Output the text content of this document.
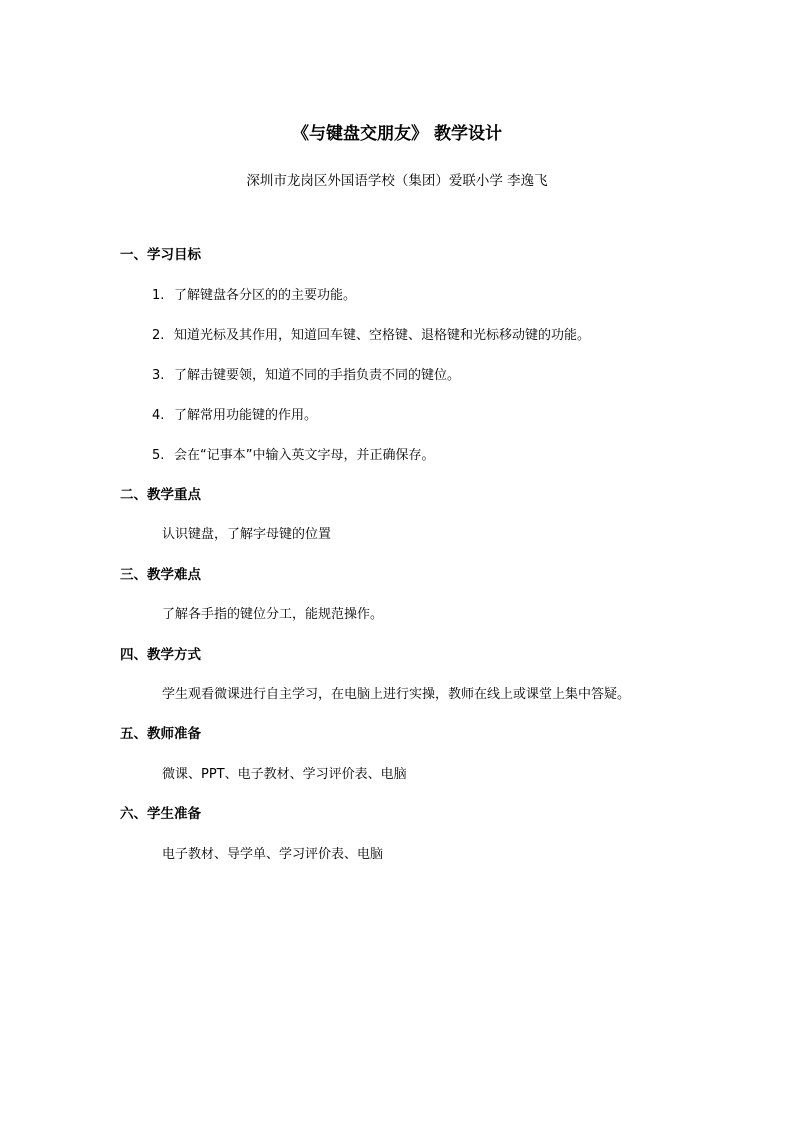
《与键盘交朋友》 教学设计
深圳市龙岗区外国语学校（集团）爱联小学 李逸飞
一、学习目标
1. 了解键盘各分区的的主要功能。
2. 知道光标及其作用，知道回车键、空格键、退格键和光标移动键的功能。
3. 了解击键要领，知道不同的手指负责不同的键位。
4. 了解常用功能键的作用。
5. 会在“记事本”中输入英文字母，并正确保存。
二、教学重点
认识键盘，了解字母键的位置
三、教学难点
了解各手指的键位分工，能规范操作。
四、教学方式
学生观看微课进行自主学习，在电脑上进行实操，教师在线上或课堂上集中答疑。
五、教师准备
微课、PPT、电子教材、学习评价表、电脑
六、学生准备
电子教材、导学单、学习评价表、电脑
